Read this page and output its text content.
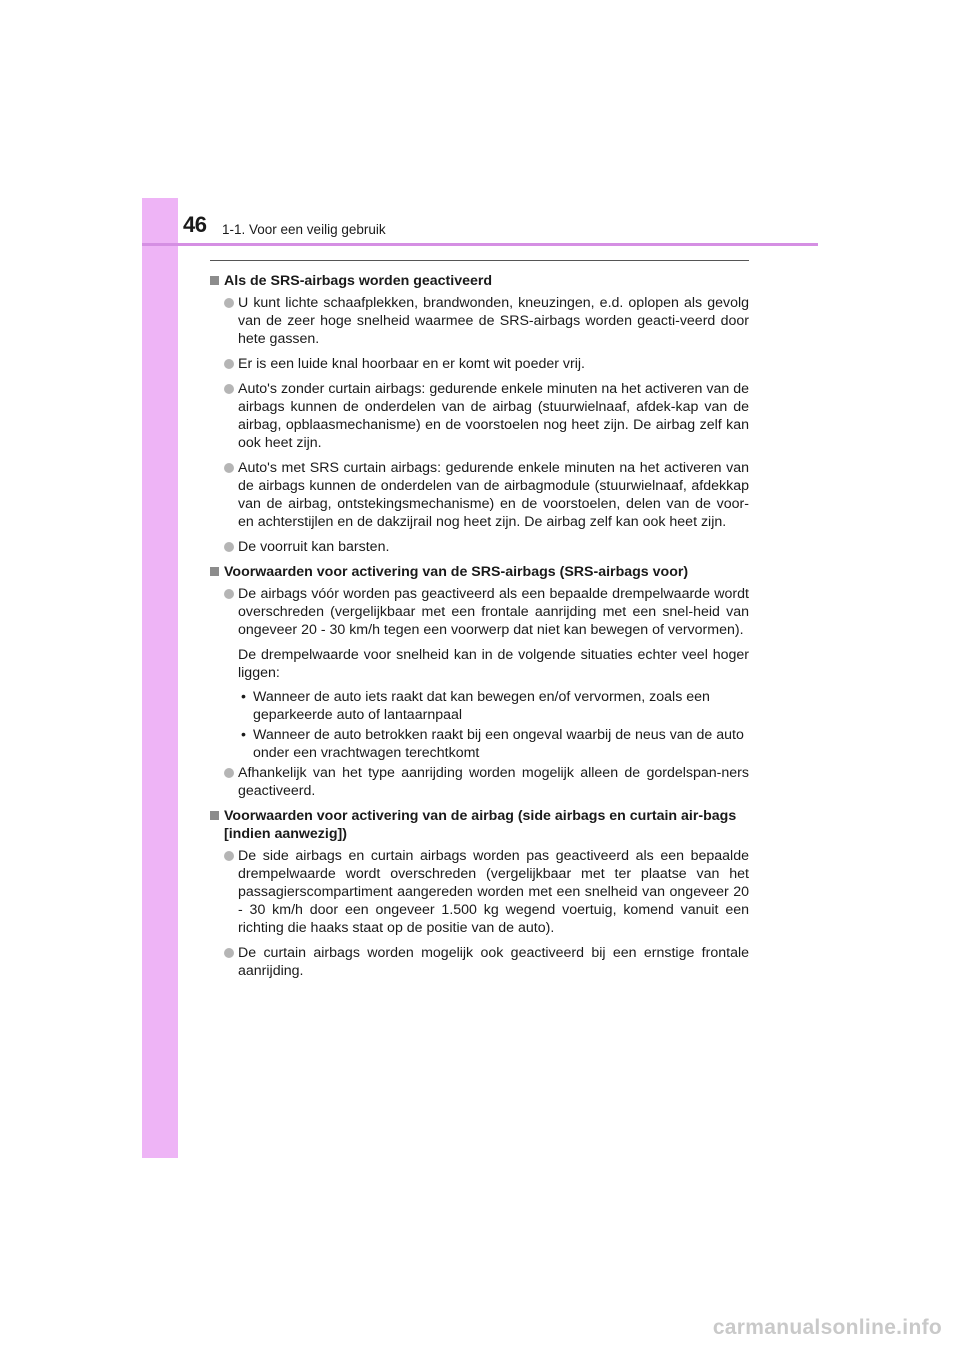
46 1-1. Voor een veilig gebruik
Als de SRS-airbags worden geactiveerd
U kunt lichte schaafplekken, brandwonden, kneuzingen, e.d. oplopen als gevolg van de zeer hoge snelheid waarmee de SRS-airbags worden geacti-veerd door hete gassen.
Er is een luide knal hoorbaar en er komt wit poeder vrij.
Auto's zonder curtain airbags: gedurende enkele minuten na het activeren van de airbags kunnen de onderdelen van de airbag (stuurwielnaaf, afdek-kap van de airbag, opblaasmechanisme) en de voorstoelen nog heet zijn. De airbag zelf kan ook heet zijn.
Auto's met SRS curtain airbags: gedurende enkele minuten na het activeren van de airbags kunnen de onderdelen van de airbagmodule (stuurwielnaaf, afdekkap van de airbag, ontstekingsmechanisme) en de voorstoelen, delen van de voor- en achterstijlen en de dakzijrail nog heet zijn. De airbag zelf kan ook heet zijn.
De voorruit kan barsten.
Voorwaarden voor activering van de SRS-airbags (SRS-airbags voor)
De airbags vóór worden pas geactiveerd als een bepaalde drempelwaarde wordt overschreden (vergelijkbaar met een frontale aanrijding met een snel-heid van ongeveer 20 - 30 km/h tegen een voorwerp dat niet kan bewegen of vervormen).
De drempelwaarde voor snelheid kan in de volgende situaties echter veel hoger liggen:
• Wanneer de auto iets raakt dat kan bewegen en/of vervormen, zoals een geparkeerde auto of lantaarnpaal
• Wanneer de auto betrokken raakt bij een ongeval waarbij de neus van de auto onder een vrachtwagen terechtkomt
Afhankelijk van het type aanrijding worden mogelijk alleen de gordelspan-ners geactiveerd.
Voorwaarden voor activering van de airbag (side airbags en curtain air-bags [indien aanwezig])
De side airbags en curtain airbags worden pas geactiveerd als een bepaalde drempelwaarde wordt overschreden (vergelijkbaar met ter plaatse van het passagierscompartiment aangereden worden met een snelheid van ongeveer 20 - 30 km/h door een ongeveer 1.500 kg wegend voertuig, komend vanuit een richting die haaks staat op de positie van de auto).
De curtain airbags worden mogelijk ook geactiveerd bij een ernstige frontale aanrijding.
carmanualsonline.info
